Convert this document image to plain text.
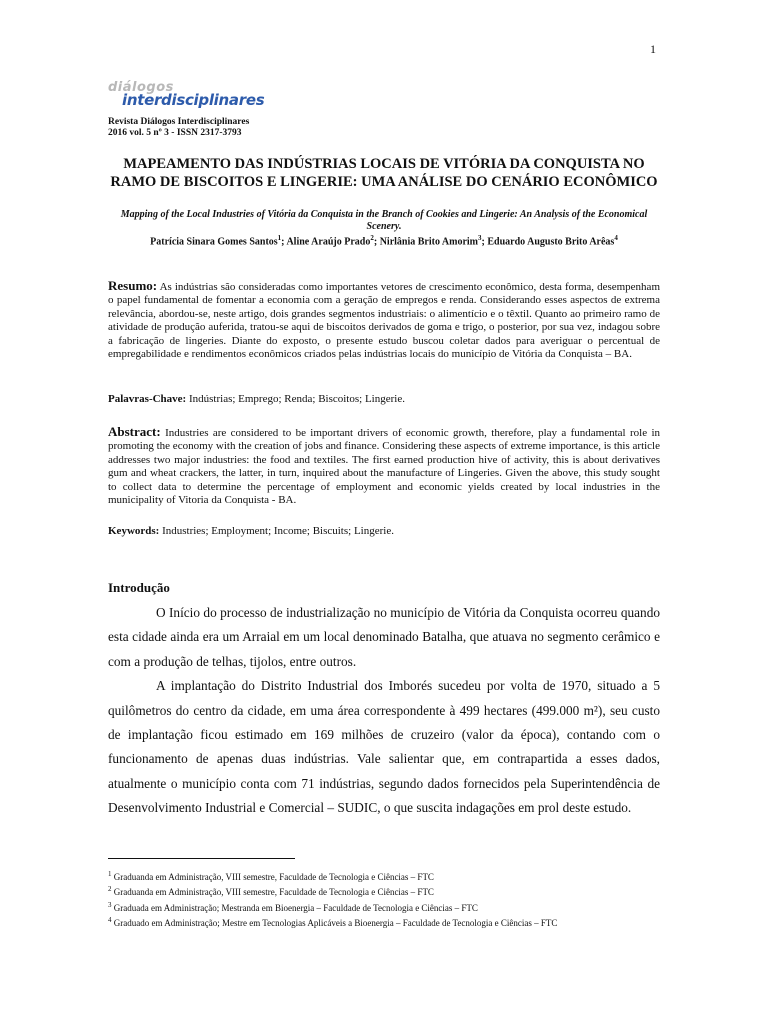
1
diálogos
interdisciplinares
Revista Diálogos Interdisciplinares
2016 vol. 5 nº 3 - ISSN 2317-3793
MAPEAMENTO DAS INDÚSTRIAS LOCAIS DE VITÓRIA DA CONQUISTA NO RAMO DE BISCOITOS E LINGERIE: UMA ANÁLISE DO CENÁRIO ECONÔMICO
Mapping of the Local Industries of Vitória da Conquista in the Branch of Cookies and Lingerie: An Analysis of the Economical Scenery.
Patrícia Sinara Gomes Santos$^1$; Aline Araújo Prado$^2$; Nirlânia Brito Amorim$^3$; Eduardo Augusto Brito Arêas$^4$
Resumo: As indústrias são consideradas como importantes vetores de crescimento econômico, desta forma, desempenham o papel fundamental de fomentar a economia com a geração de empregos e renda. Considerando esses aspectos de extrema relevância, abordou-se, neste artigo, dois grandes segmentos industriais: o alimentício e o têxtil. Quanto ao primeiro ramo de atividade de produção auferida, tratou-se aqui de biscoitos derivados de goma e trigo, o posterior, por sua vez, indagou sobre a fabricação de lingeries. Diante do exposto, o presente estudo buscou coletar dados para averiguar o percentual de empregabilidade e rendimentos econômicos criados pelas indústrias locais do município de Vitória da Conquista – BA.
Palavras-Chave: Indústrias; Emprego; Renda; Biscoitos; Lingerie.
Abstract: Industries are considered to be important drivers of economic growth, therefore, play a fundamental role in promoting the economy with the creation of jobs and finance. Considering these aspects of extreme importance, is this article addresses two major industries: the food and textiles. The first earned production hive of activity, this is about derivatives gum and wheat crackers, the latter, in turn, inquired about the manufacture of Lingeries. Given the above, this study sought to collect data to determine the percentage of employment and economic yields created by local industries in the municipality of Vitoria da Conquista - BA.
Keywords: Industries; Employment; Income; Biscuits; Lingerie.
Introdução

O Início do processo de industrialização no município de Vitória da Conquista ocorreu quando esta cidade ainda era um Arraial em um local denominado Batalha, que atuava no segmento cerâmico e com a produção de telhas, tijolos, entre outros.

A implantação do Distrito Industrial dos Imborés sucedeu por volta de 1970, situado a 5 quilômetros do centro da cidade, em uma área correspondente à 499 hectares (499.000 m²), seu custo de implantação ficou estimado em 169 milhões de cruzeiro (valor da época), contando com o funcionamento de apenas duas indústrias. Vale salientar que, em contrapartida a esses dados, atualmente o município conta com 71 indústrias, segundo dados fornecidos pela Superintendência de Desenvolvimento Industrial e Comercial – SUDIC, o que suscita indagações em prol deste estudo.

$^1$ Graduanda em Administração, VIII semestre, Faculdade de Tecnologia e Ciências – FTC
$^2$ Graduanda em Administração, VIII semestre, Faculdade de Tecnologia e Ciências – FTC
$^3$ Graduada em Administração; Mestranda em Bioenergia – Faculdade de Tecnologia e Ciências – FTC
$^4$ Graduado em Administração; Mestre em Tecnologias Aplicáveis a Bioenergia – Faculdade de Tecnologia e Ciências – FTC
